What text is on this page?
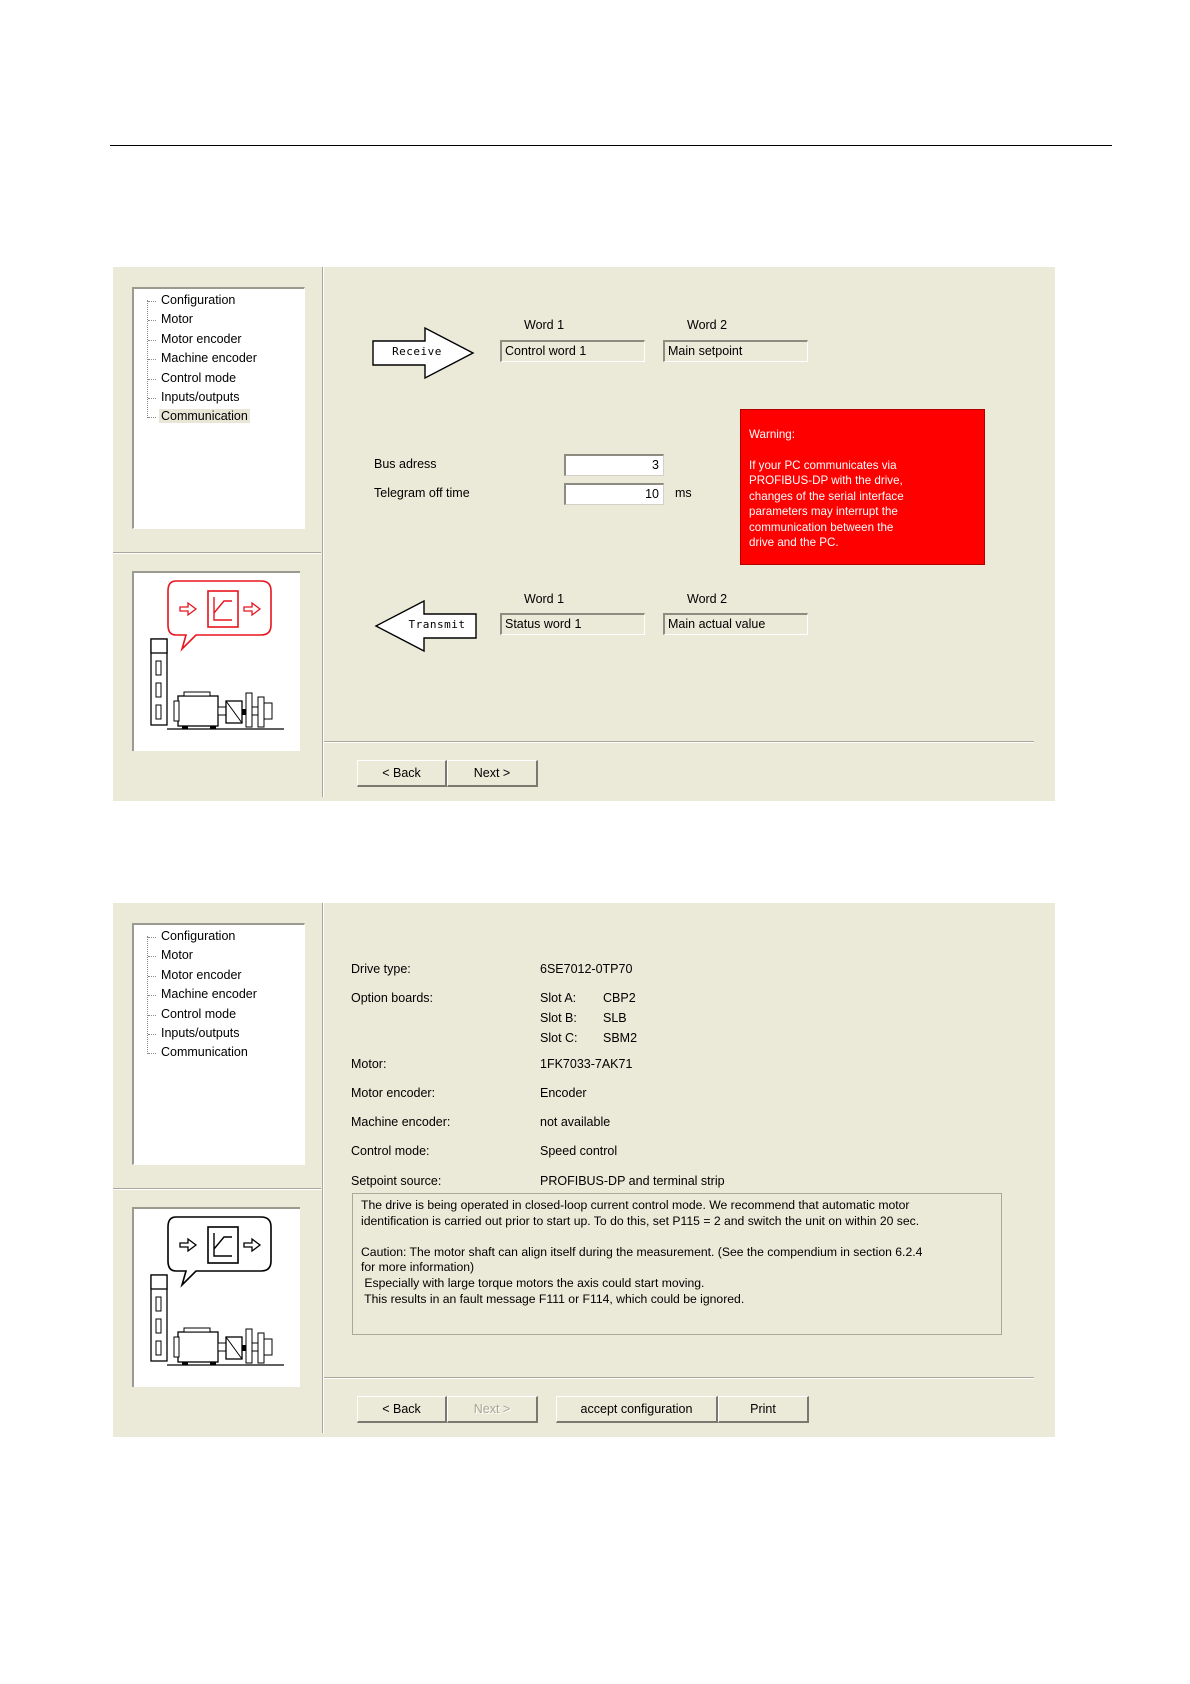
Configuration
Motor
Motor encoder
Machine encoder
Control mode
Inputs/outputs
Communication
Receive
Word 1	Word 2
Control word 1	Main setpoint
Bus adress	3
Telegram off time	10	ms
Warning:
If your PC communicates via
PROFIBUS-DP with the drive,
changes of the serial interface
parameters may interrupt the
communication between the
drive and the PC.
Word 1	Word 2
Status word 1	Main actual value
Transmit
< Back	Next >
Configuration
Motor
Motor encoder
Machine encoder
Control mode
Inputs/outputs
Communication
Drive type:	6SE7012-0TP70
Option boards:	Slot A: CBP2
Slot B: SLB
Slot C: SBM2
Motor:	1FK7033-7AK71
Motor encoder:	Encoder
Machine encoder:	not available
Control mode:	Speed control
Setpoint source:	PROFIBUS-DP and terminal strip
The drive is being operated in closed-loop current control mode. We recommend that automatic motor
identification is carried out prior to start up. To do this, set P115 = 2 and switch the unit on within 20 sec.
Caution: The motor shaft can align itself during the measurement. (See the compendium in section 6.2.4
for more information)
Especially with large torque motors the axis could start moving.
This results in an fault message F111 or F114, which could be ignored.
< Back	Next >	accept configuration	Print
